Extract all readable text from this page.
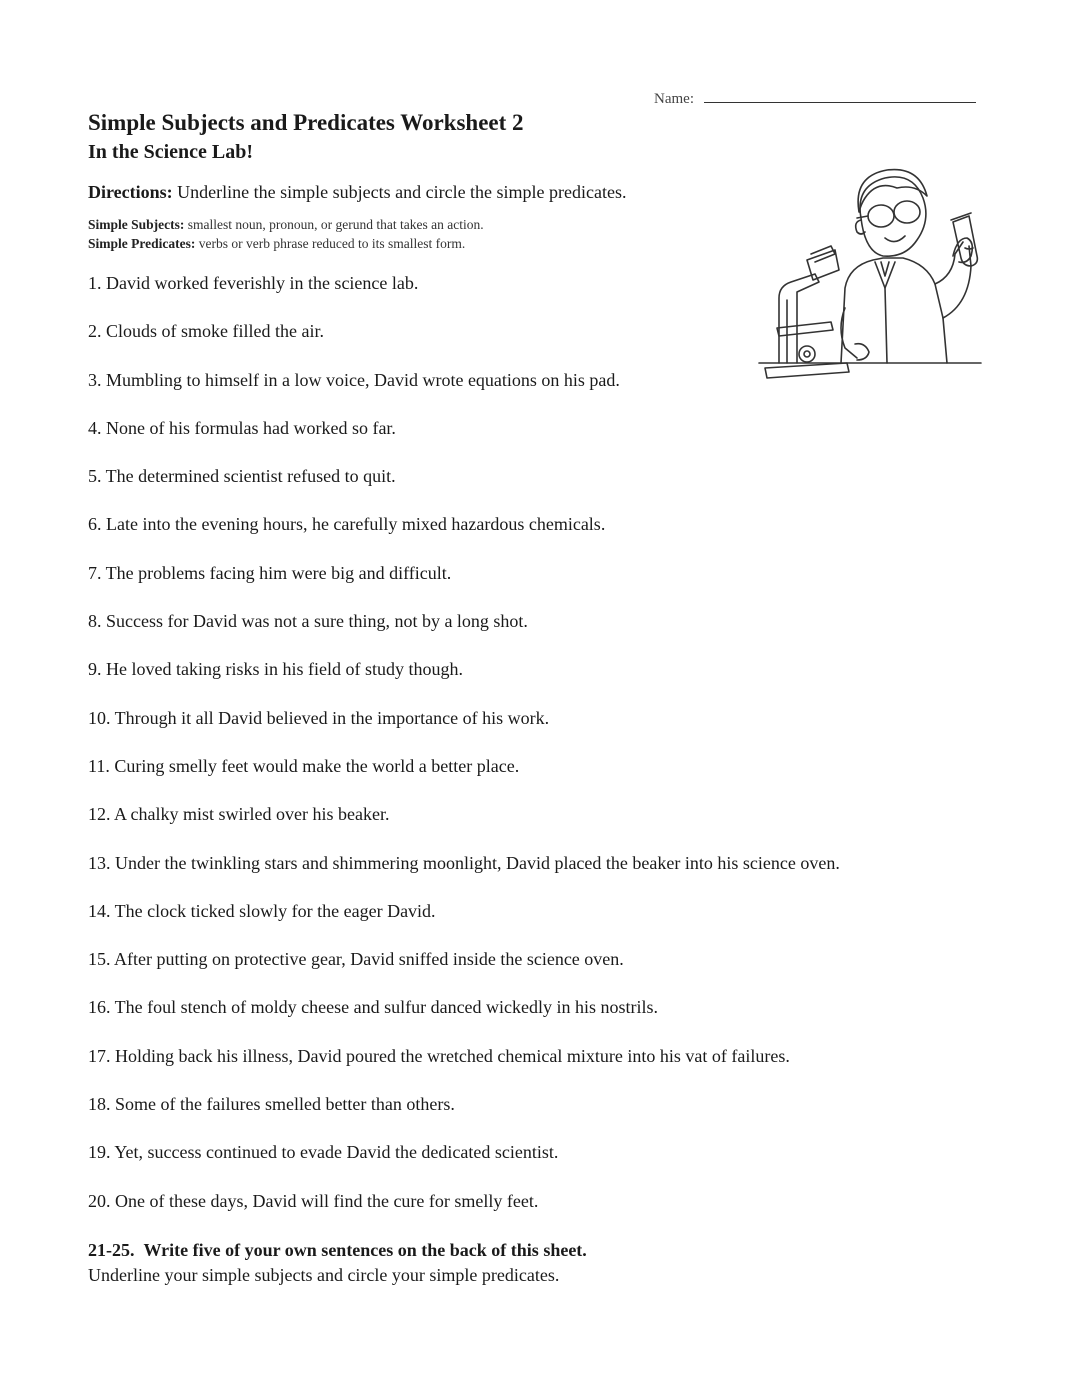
Name:
Simple Subjects and Predicates Worksheet 2
In the Science Lab!
Directions: Underline the simple subjects and circle the simple predicates.
Simple Subjects: smallest noun, pronoun, or gerund that takes an action.
Simple Predicates: verbs or verb phrase reduced to its smallest form.
1. David worked feverishly in the science lab.
2. Clouds of smoke filled the air.
3. Mumbling to himself in a low voice, David wrote equations on his pad.
4. None of his formulas had worked so far.
5. The determined scientist refused to quit.
6. Late into the evening hours, he carefully mixed hazardous chemicals.
7. The problems facing him were big and difficult.
8. Success for David was not a sure thing, not by a long shot.
9. He loved taking risks in his field of study though.
10. Through it all David believed in the importance of his work.
11. Curing smelly feet would make the world a better place.
12. A chalky mist swirled over his beaker.
13. Under the twinkling stars and shimmering moonlight, David placed the beaker into his science oven.
14. The clock ticked slowly for the eager David.
15. After putting on protective gear, David sniffed inside the science oven.
16. The foul stench of moldy cheese and sulfur danced wickedly in his nostrils.
17. Holding back his illness, David poured the wretched chemical mixture into his vat of failures.
18. Some of the failures smelled better than others.
19. Yet, success continued to evade David the dedicated scientist.
20. One of these days, David will find the cure for smelly feet.
21-25. Write five of your own sentences on the back of this sheet.
Underline your simple subjects and circle your simple predicates.
